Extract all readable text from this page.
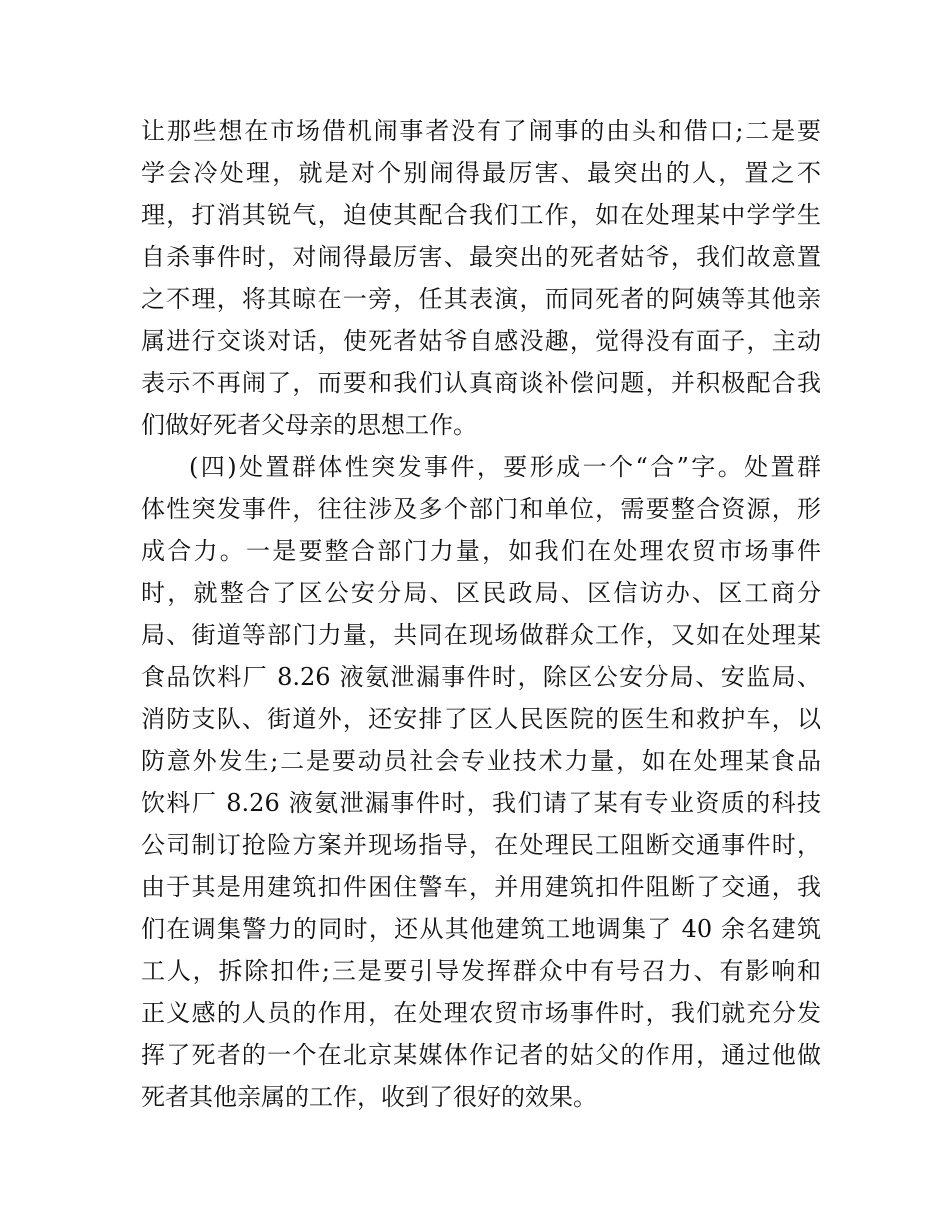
让那些想在市场借机闹事者没有了闹事的由头和借口;二是要
学会冷处理，就是对个别闹得最厉害、最突出的人，置之不
理，打消其锐气，迫使其配合我们工作，如在处理某中学学生
自杀事件时，对闹得最厉害、最突出的死者姑爷，我们故意置
之不理，将其晾在一旁，任其表演，而同死者的阿姨等其他亲
属进行交谈对话，使死者姑爷自感没趣，觉得没有面子，主动
表示不再闹了，而要和我们认真商谈补偿问题，并积极配合我
们做好死者父母亲的思想工作。
(四)处置群体性突发事件，要形成一个“合”字。处置群
体性突发事件，往往涉及多个部门和单位，需要整合资源，形
成合力。一是要整合部门力量，如我们在处理农贸市场事件
时，就整合了区公安分局、区民政局、区信访办、区工商分
局、街道等部门力量，共同在现场做群众工作，又如在处理某
食品饮料厂 8.26 液氨泄漏事件时，除区公安分局、安监局、
消防支队、街道外，还安排了区人民医院的医生和救护车，以
防意外发生;二是要动员社会专业技术力量，如在处理某食品
饮料厂 8.26 液氨泄漏事件时，我们请了某有专业资质的科技
公司制订抢险方案并现场指导，在处理民工阻断交通事件时，
由于其是用建筑扣件困住警车，并用建筑扣件阻断了交通，我
们在调集警力的同时，还从其他建筑工地调集了 40 余名建筑
工人，拆除扣件;三是要引导发挥群众中有号召力、有影响和
正义感的人员的作用，在处理农贸市场事件时，我们就充分发
挥了死者的一个在北京某媒体作记者的姑父的作用，通过他做
死者其他亲属的工作，收到了很好的效果。
